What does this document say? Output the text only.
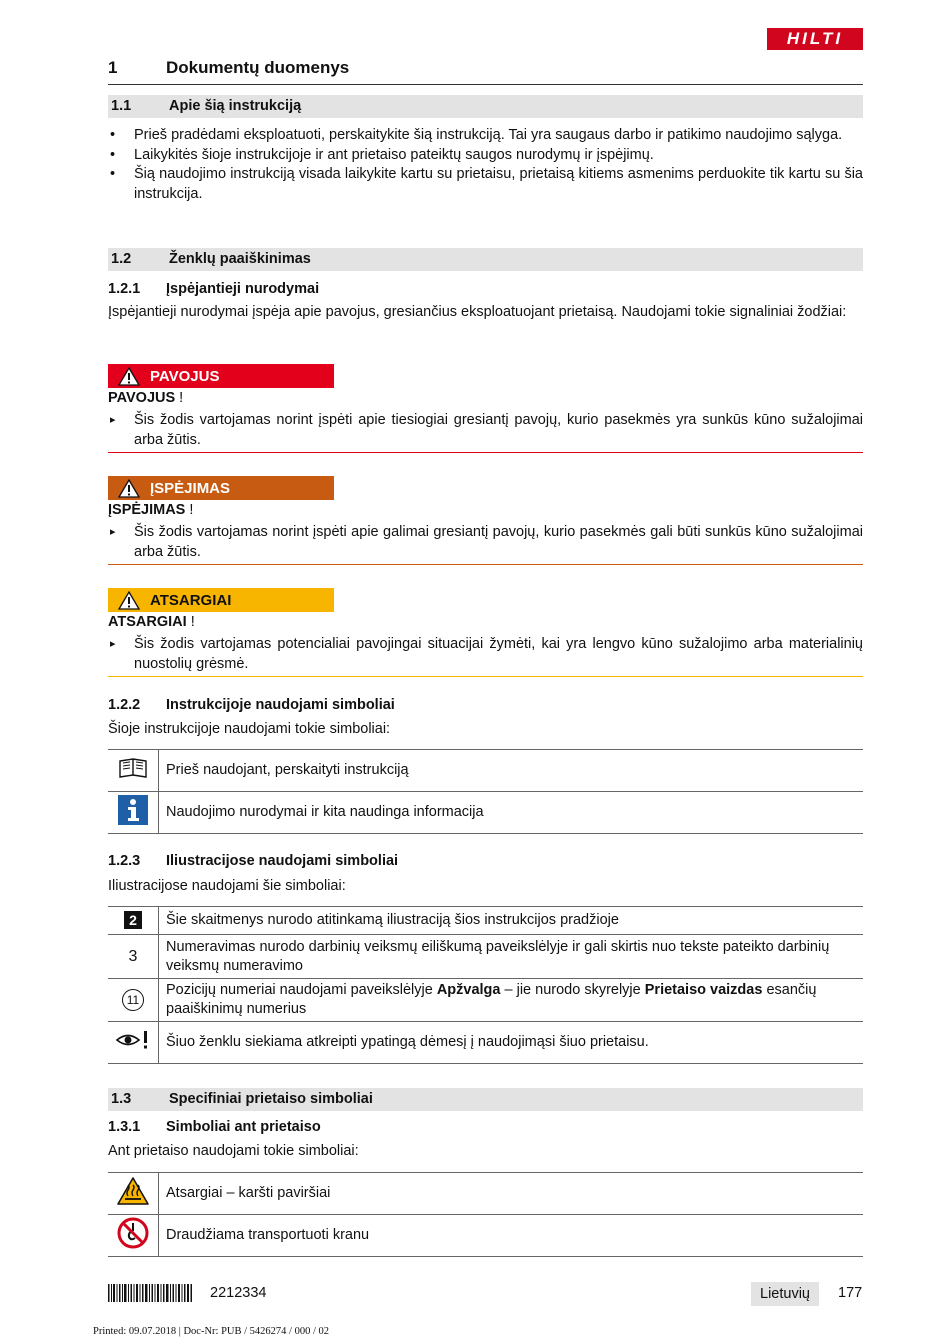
HILTI
1	Dokumentų duomenys
1.1	Apie šią instrukciją
• Prieš pradėdami eksploatuoti, perskaitykite šią instrukciją. Tai yra saugaus darbo ir patikimo naudojimo sąlyga.
• Laikykitės šioje instrukcijoje ir ant prietaiso pateiktų saugos nurodymų ir įspėjimų.
• Šią naudojimo instrukciją visada laikykite kartu su prietaisu, prietaisą kitiems asmenims perduokite tik kartu su šia instrukcija.
1.2	Ženklų paaiškinimas
1.2.1 Įspėjantieji nurodymai
Įspėjantieji nurodymai įspėja apie pavojus, gresiančius eksploatuojant prietaisą. Naudojami tokie signaliniai žodžiai:
PAVOJUS
PAVOJUS !
▸ Šis žodis vartojamas norint įspėti apie tiesiogiai gresiantį pavojų, kurio pasekmės yra sunkūs kūno sužalojimai arba žūtis.
ĮSPĖJIMAS
ĮSPĖJIMAS !
▸ Šis žodis vartojamas norint įspėti apie galimai gresiantį pavojų, kurio pasekmės gali būti sunkūs kūno sužalojimai arba žūtis.
ATSARGIAI
ATSARGIAI !
▸ Šis žodis vartojamas potencialiai pavojingai situacijai žymėti, kai yra lengvo kūno sužalojimo arba materialinių nuostolių grėsmė.
1.2.2 Instrukcijoje naudojami simboliai
Šioje instrukcijoje naudojami tokie simboliai:
	Prieš naudojant, perskaityti instrukciją
	Naudojimo nurodymai ir kita naudinga informacija
1.2.3 Iliustracijose naudojami simboliai
Iliustracijose naudojami šie simboliai:
2	Šie skaitmenys nurodo atitinkamą iliustraciją šios instrukcijos pradžioje
3	Numeravimas nurodo darbinių veiksmų eiliškumą paveikslėlyje ir gali skirtis nuo tekste pateikto darbinių veiksmų numeravimo
11	Pozicijų numeriai naudojami paveikslėlyje Apžvalga – jie nurodo skyrelyje Prietaiso vaizdas esančių paaiškinimų numerius
	Šiuo ženklu siekiama atkreipti ypatingą dėmesį į naudojimąsi šiuo prietaisu.
1.3	Specifiniai prietaiso simboliai
1.3.1 Simboliai ant prietaiso
Ant prietaiso naudojami tokie simboliai:
	Atsargiai – karšti paviršiai
	Draudžiama transportuoti kranu
2212334	Lietuvių	177
Printed: 09.07.2018 | Doc-Nr: PUB / 5426274 / 000 / 02
